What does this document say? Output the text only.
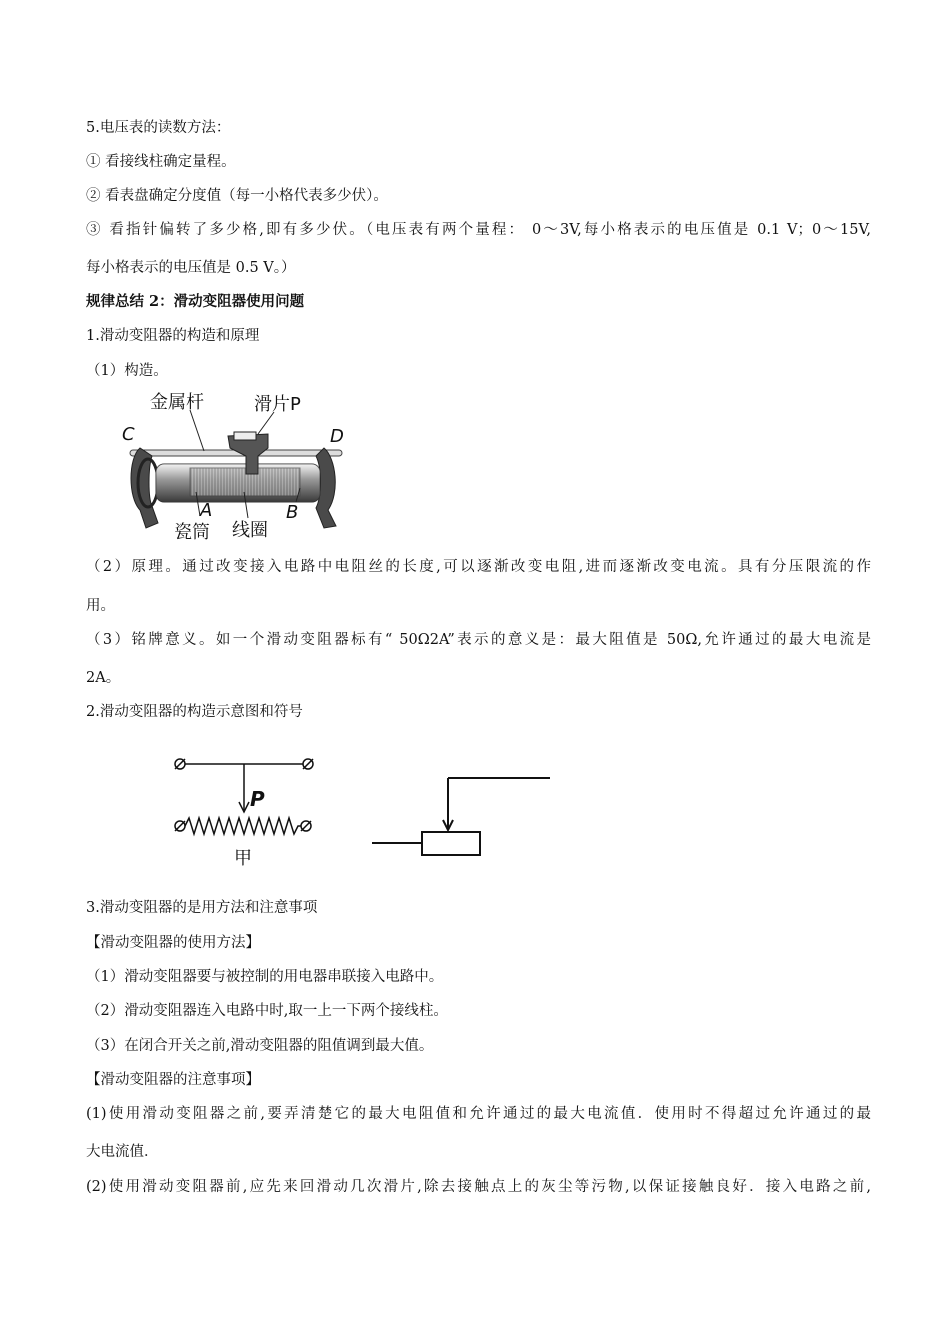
5.电压表的读数方法：
① 看接线柱确定量程。
② 看表盘确定分度值（每一小格代表多少伏）。
③ 看指针偏转了多少格,即有多少伏。（电压表有两个量程： 0～3V,每小格表示的电压值是 0.1 V；0～15V,
每小格表示的电压值是 0.5 V。）
规律总结 2：滑动变阻器使用问题
1.滑动变阻器的构造和原理
（1）构造。
金属杆	滑片P
C	D
A	B
瓷筒 线圈
（2）原理。通过改变接入电路中电阻丝的长度,可以逐渐改变电阻,进而逐渐改变电流。具有分压限流的作
用。
（3）铭牌意义。如一个滑动变阻器标有“ 50Ω2A”表示的意义是：最大阻值是 50Ω,允许通过的最大电流是
2A。
2.滑动变阻器的构造示意图和符号
P
甲
3.滑动变阻器的是用方法和注意事项
【滑动变阻器的使用方法】
（1）滑动变阻器要与被控制的用电器串联接入电路中。
（2）滑动变阻器连入电路中时,取一上一下两个接线柱。
（3）在闭合开关之前,滑动变阻器的阻值调到最大值。
【滑动变阻器的注意事项】
(1)使用滑动变阻器之前,要弄清楚它的最大电阻值和允许通过的最大电流值．使用时不得超过允许通过的最
大电流值．
(2)使用滑动变阻器前,应先来回滑动几次滑片,除去接触点上的灰尘等污物,以保证接触良好．接入电路之前,
